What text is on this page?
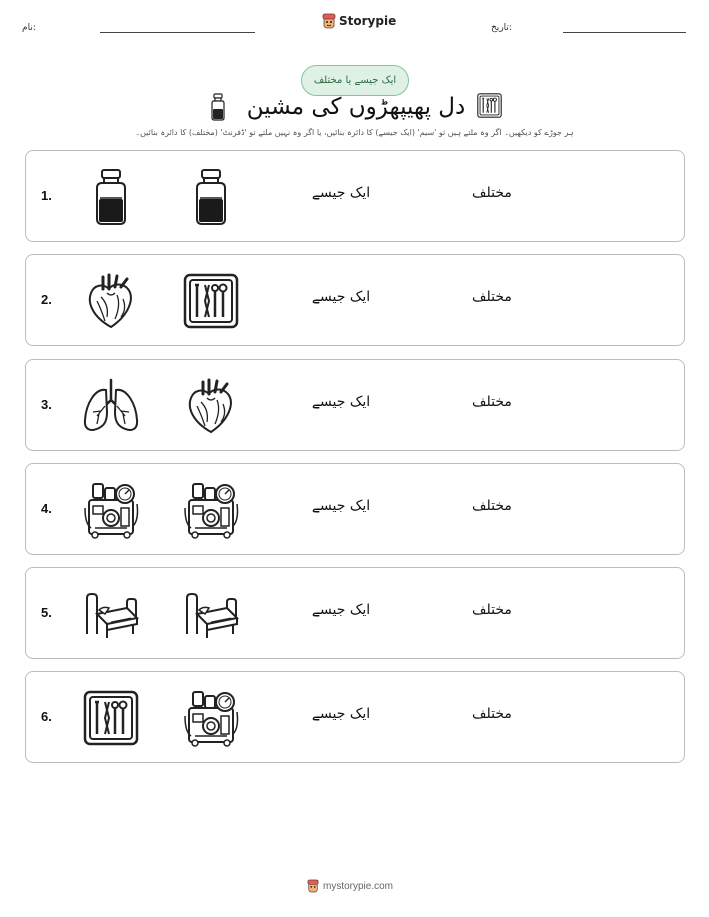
نام:	Storypie	تاریخ:
ایک جیسے یا مختلف
دل پھیپھڑوں کی مشین
ہر جوڑے کو دیکھیں۔ اگر وہ ملتے ہیں تو 'سیم' (ایک جیسے) کا دائرہ بنائیں، یا اگر وہ نہیں ملتے تو 'ڈفرنٹ' (مختلف) کا دائرہ بنائیں۔
1.	ایک جیسے	مختلف
2.	ایک جیسے	مختلف
3.	ایک جیسے	مختلف
4.	ایک جیسے	مختلف
5.	ایک جیسے	مختلف
6.	ایک جیسے	مختلف
mystorypie.com
